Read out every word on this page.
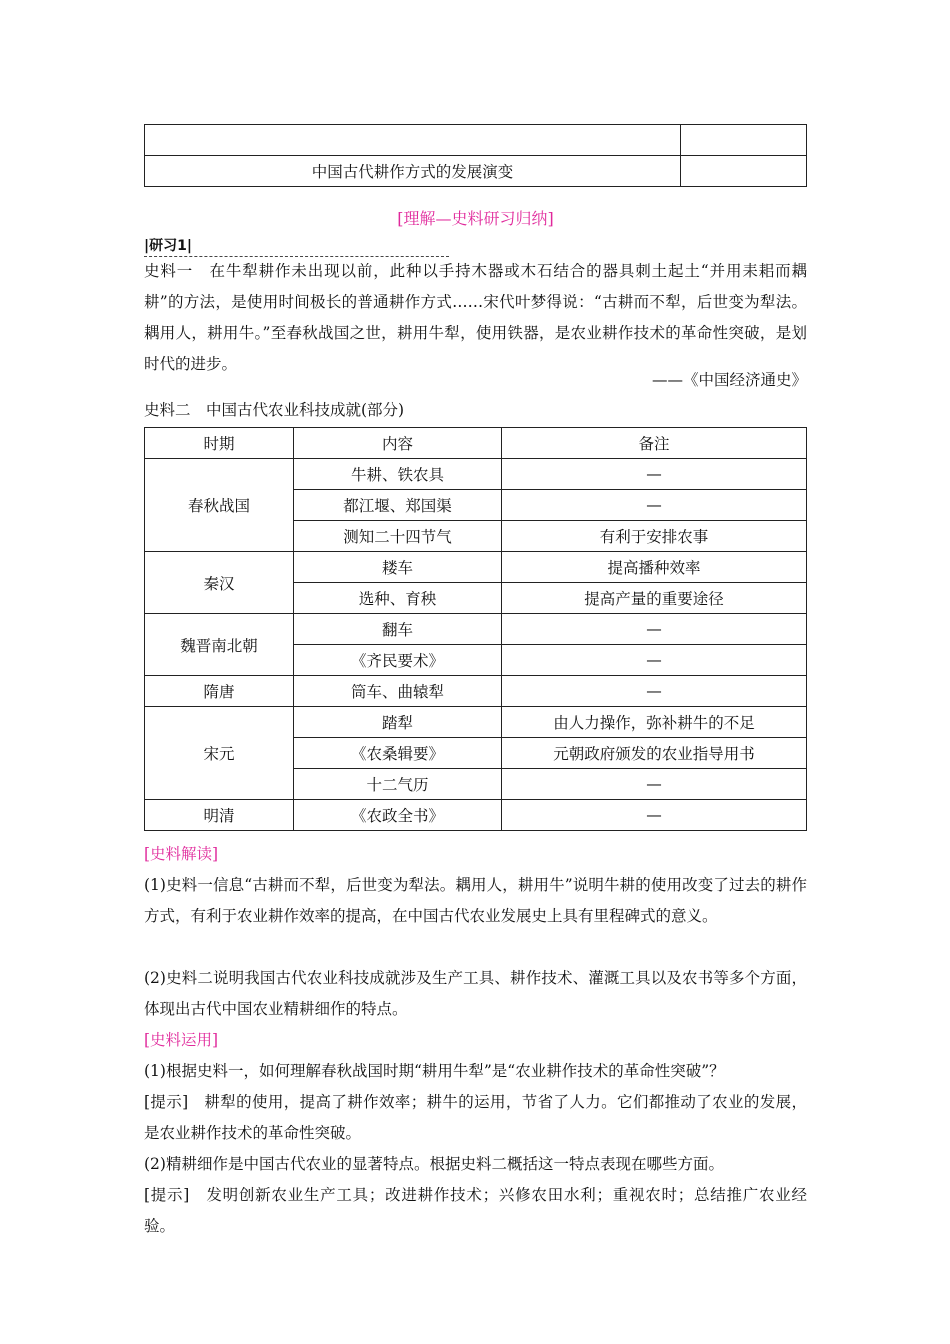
中国古代耕作方式的发展演变	
[理解—史料研习归纳]
|研习1|
史料一　在牛犁耕作未出现以前，此种以手持木器或木石结合的器具刺土起土“并用耒耜而耦耕”的方法，是使用时间极长的普通耕作方式……宋代叶梦得说：“古耕而不犁，后世变为犁法。耦用人，耕用牛。”至春秋战国之世，耕用牛犁，使用铁器，是农业耕作技术的革命性突破，是划时代的进步。
——《中国经济通史》
史料二　中国古代农业科技成就(部分)
时期	内容	备注
春秋战国	牛耕、铁农具	—
	都江堰、郑国渠	—
	测知二十四节气	有利于安排农事
秦汉	耧车	提高播种效率
	选种、育秧	提高产量的重要途径
魏晋南北朝	翻车	—
	《齐民要术》	—
隋唐	筒车、曲辕犁	—
宋元	踏犁	由人力操作，弥补耕牛的不足
	《农桑辑要》	元朝政府颁发的农业指导用书
	十二气历	—
明清	《农政全书》	—
[史料解读]
(1)史料一信息“古耕而不犁，后世变为犁法。耦用人，耕用牛”说明牛耕的使用改变了过去的耕作方式，有利于农业耕作效率的提高，在中国古代农业发展史上具有里程碑式的意义。
(2)史料二说明我国古代农业科技成就涉及生产工具、耕作技术、灌溉工具以及农书等多个方面，体现出古代中国农业精耕细作的特点。
[史料运用]
(1)根据史料一，如何理解春秋战国时期“耕用牛犁”是“农业耕作技术的革命性突破”？
[提示]　耕犁的使用，提高了耕作效率；耕牛的运用，节省了人力。它们都推动了农业的发展，是农业耕作技术的革命性突破。
(2)精耕细作是中国古代农业的显著特点。根据史料二概括这一特点表现在哪些方面。
[提示]　发明创新农业生产工具；改进耕作技术；兴修农田水利；重视农时；总结推广农业经验。
